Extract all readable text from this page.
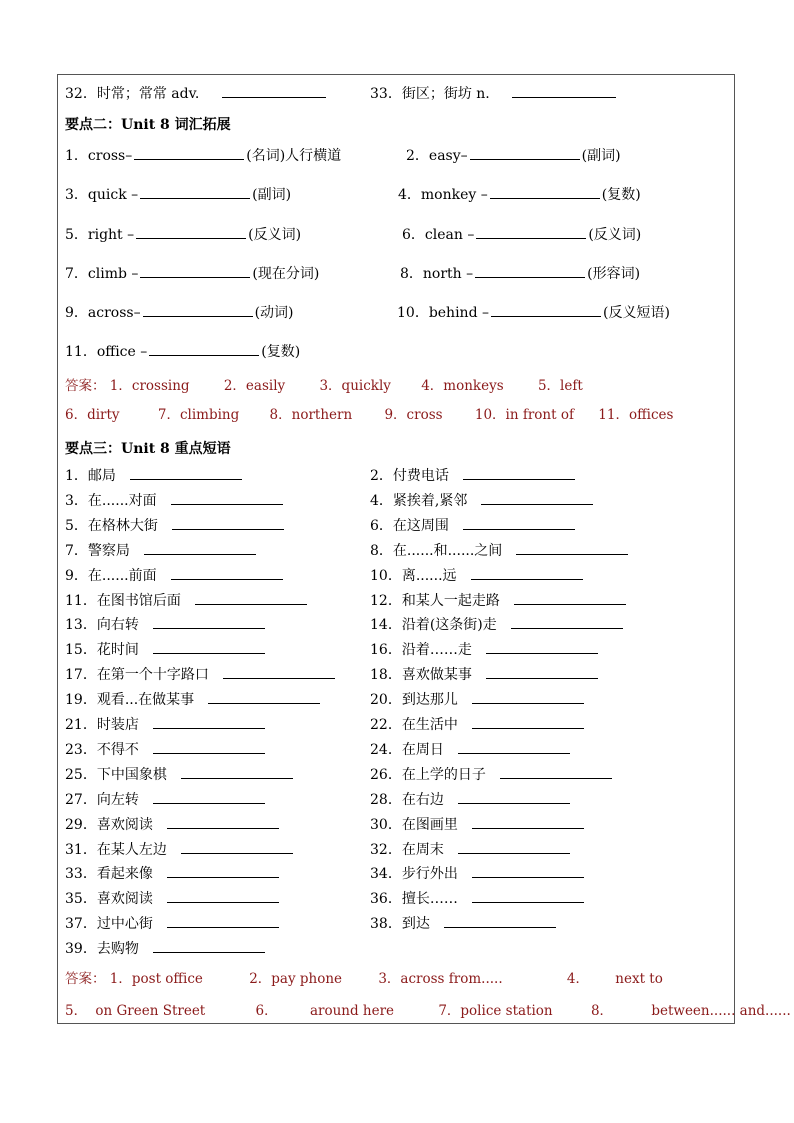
32．时常；常常 adv.	33．街区；街坊 n.
要点二：Unit 8 词汇拓展
1．cross–	(名词)人行横道	2．easy–	(副词)
3．quick –	(副词)	4．monkey –	(复数)
5．right –	(反义词)	6．clean –	(反义词)
7．climb –	(现在分词)	8．north –	(形容词)
9．across–	(动词)	10．behind –	(反义短语)
11．office –	(复数)
答案： 1．crossing	2．easily	3．quickly 4．monkeys	5．left
6．dirty	7．climbing 8．northern 9．cross 10．in front of 11．offices
要点三：Unit 8 重点短语
1．邮局	2．付费电话
3．在......对面	4．紧挨着,紧邻
5．在格林大街	6．在这周围
7．警察局	8．在......和......之间
9．在......前面	10．离......远
11．在图书馆后面	12．和某人一起走路
13．向右转	14．沿着(这条街)走
15．花时间	16．沿着……走
17．在第一个十字路口	18．喜欢做某事
19．观看...在做某事	20．到达那儿
21．时装店	22．在生活中
23．不得不	24．在周日
25．下中国象棋	26．在上学的日子
27．向左转	28．在右边
29．喜欢阅读	30．在图画里
31．在某人左边	32．在周末
33．看起来像	34．步行外出
35．喜欢阅读	36．擅长……
37．过中心街	38．到达
39．去购物
答案： 1．post office	2．pay phone	3．across from.....	4． next to
5． on Green Street	6． around here	7．police station	8．	between...... and......
